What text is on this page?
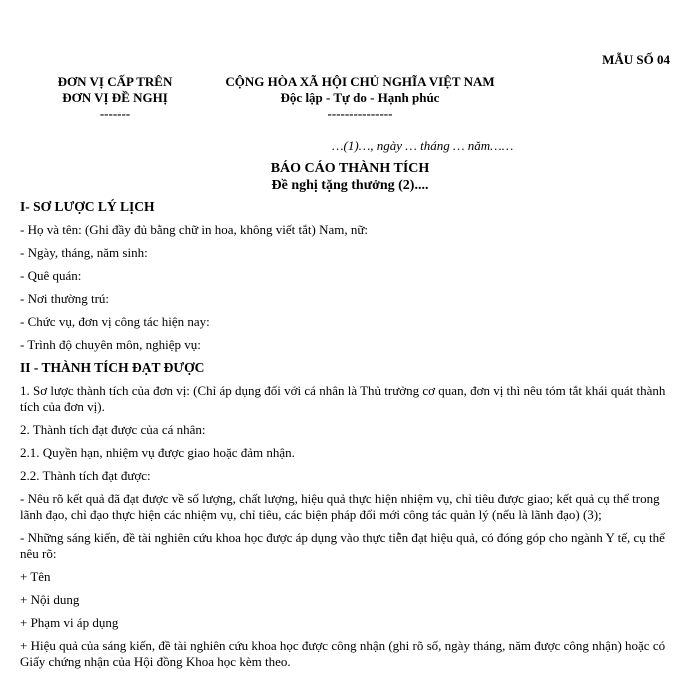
MẪU SỐ 04
ĐƠN VỊ CẤP TRÊN
ĐƠN VỊ ĐỀ NGHỊ
-------
CỘNG HÒA XÃ HỘI CHỦ NGHĨA VIỆT NAM
Độc lập - Tự do - Hạnh phúc
---------------
…(1)…, ngày … tháng … năm……
BÁO CÁO THÀNH TÍCH
Đề nghị tặng thưởng (2)....
I- SƠ LƯỢC LÝ LỊCH
- Họ và tên: (Ghi đầy đủ bằng chữ in hoa, không viết tắt) Nam, nữ:
- Ngày, tháng, năm sinh:
- Quê quán:
- Nơi thường trú:
- Chức vụ, đơn vị công tác hiện nay:
- Trình độ chuyên môn, nghiệp vụ:
II - THÀNH TÍCH ĐẠT ĐƯỢC
1. Sơ lược thành tích của đơn vị: (Chỉ áp dụng đối với cá nhân là Thủ trưởng cơ quan, đơn vị thì nêu tóm tắt khái quát thành tích của đơn vị).
2. Thành tích đạt được của cá nhân:
2.1. Quyền hạn, nhiệm vụ được giao hoặc đảm nhận.
2.2. Thành tích đạt được:
- Nêu rõ kết quả đã đạt được về số lượng, chất lượng, hiệu quả thực hiện nhiệm vụ, chỉ tiêu được giao; kết quả cụ thể trong lãnh đạo, chỉ đạo thực hiện các nhiệm vụ, chỉ tiêu, các biện pháp đổi mới công tác quản lý (nếu là lãnh đạo) (3);
- Những sáng kiến, đề tài nghiên cứu khoa học được áp dụng vào thực tiễn đạt hiệu quả, có đóng góp cho ngành Y tế, cụ thể nêu rõ:
+ Tên
+ Nội dung
+ Phạm vi áp dụng
+ Hiệu quả của sáng kiến, đề tài nghiên cứu khoa học được công nhận (ghi rõ số, ngày tháng, năm được công nhận) hoặc có Giấy chứng nhận của Hội đồng Khoa học kèm theo.
